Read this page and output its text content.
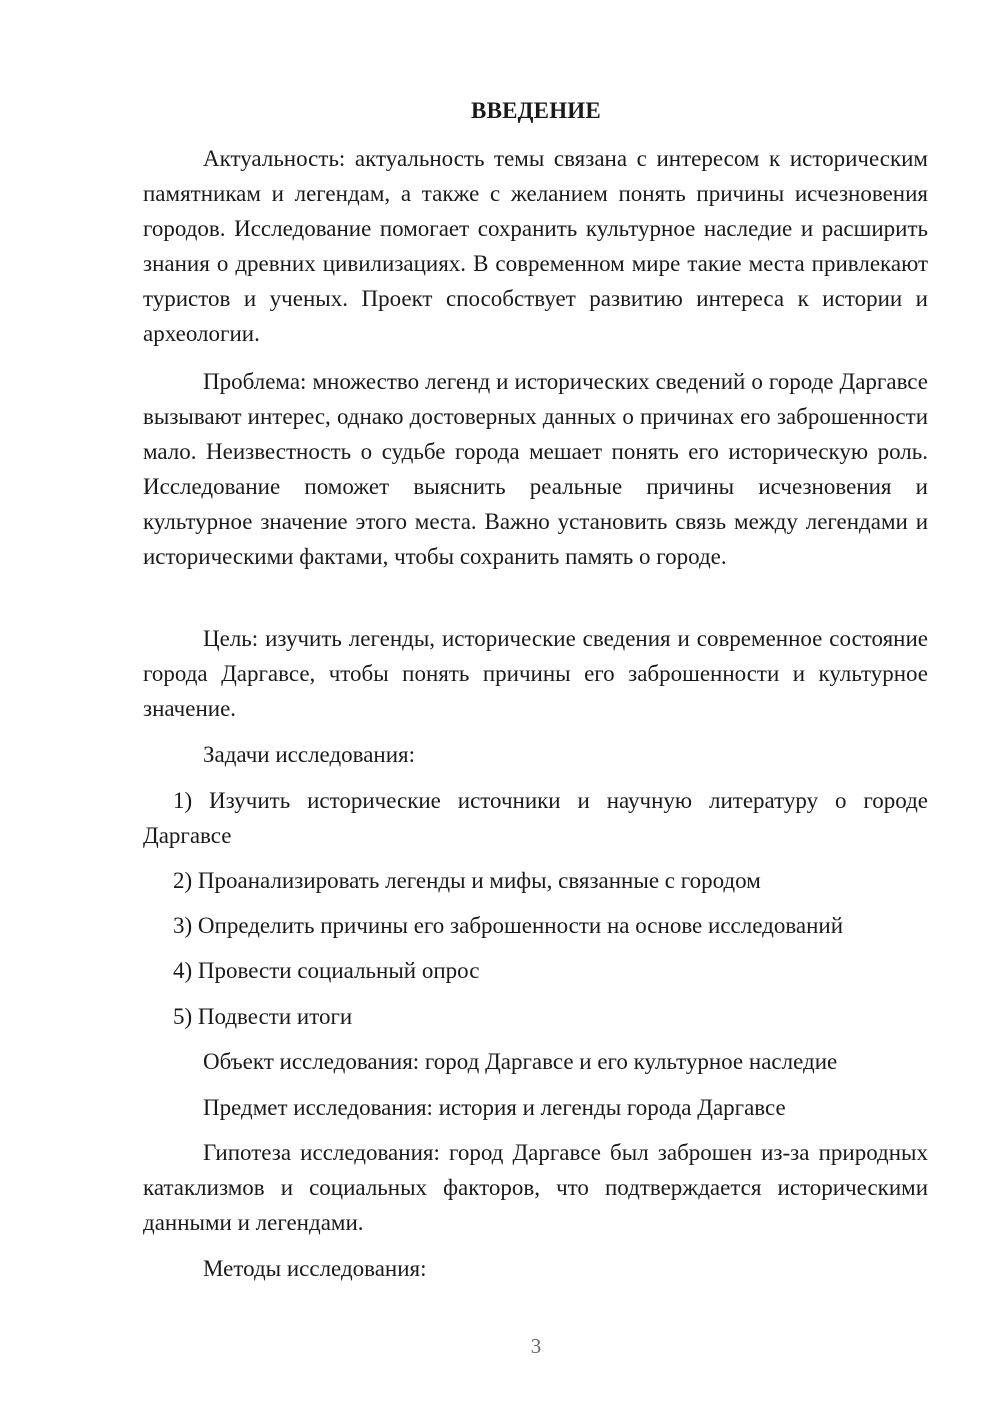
ВВЕДЕНИЕ

Актуальность: актуальность темы связана с интересом к историческим памятникам и легендам, а также с желанием понять причины исчезновения городов. Исследование помогает сохранить культурное наследие и расширить знания о древних цивилизациях. В современном мире такие места привлекают туристов и ученых. Проект способствует развитию интереса к истории и археологии.

Проблема: множество легенд и исторических сведений о городе Даргавсе вызывают интерес, однако достоверных данных о причинах его заброшенности мало. Неизвестность о судьбе города мешает понять его историческую роль. Исследование поможет выяснить реальные причины исчезновения и культурное значение этого места. Важно установить связь между легендами и историческими фактами, чтобы сохранить память о городе.

Цель: изучить легенды, исторические сведения и современное состояние города Даргавсе, чтобы понять причины его заброшенности и культурное значение.

Задачи исследования:

1) Изучить исторические источники и научную литературу о городе Даргавсе

2) Проанализировать легенды и мифы, связанные с городом
3) Определить причины его заброшенности на основе исследований
4) Провести социальный опрос
5) Подвести итоги
Объект исследования: город Даргавсе и его культурное наследие
Предмет исследования: история и легенды города Даргавсе

Гипотеза исследования: город Даргавсе был заброшен из-за природных катаклизмов и социальных факторов, что подтверждается историческими данными и легендами.

Методы исследования:
3
